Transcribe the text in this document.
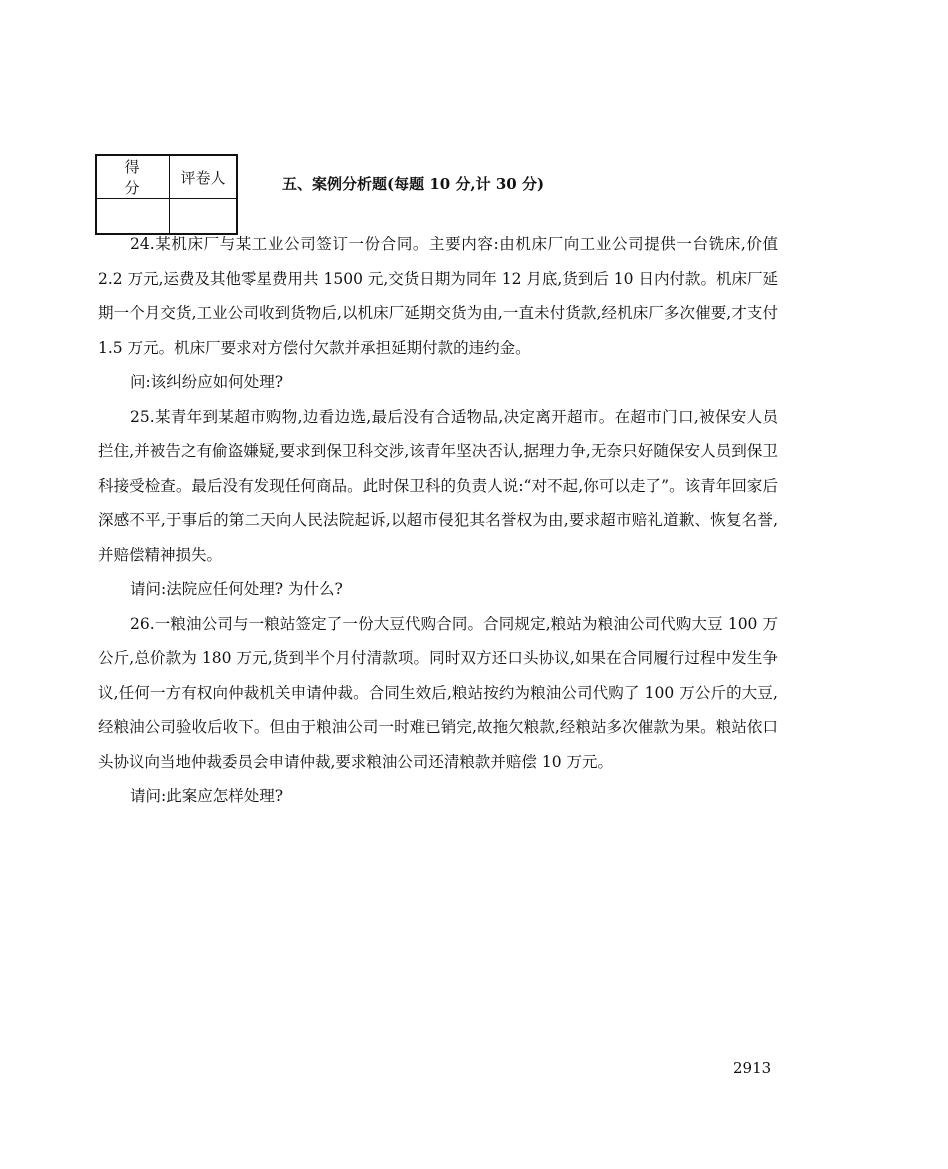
得 分	评卷人
		五、案例分析题(每题 10 分,计 30 分)

24.某机床厂与某工业公司签订一份合同。主要内容:由机床厂向工业公司提供一台铣床,价值 2.2 万元,运费及其他零星费用共 1500 元,交货日期为同年 12 月底,货到后 10 日内付款。机床厂延期一个月交货,工业公司收到货物后,以机床厂延期交货为由,一直未付货款,经机床厂多次催要,才支付 1.5 万元。机床厂要求对方偿付欠款并承担延期付款的违约金。

问:该纠纷应如何处理?

25.某青年到某超市购物,边看边选,最后没有合适物品,决定离开超市。在超市门口,被保安人员拦住,并被告之有偷盗嫌疑,要求到保卫科交涉,该青年坚决否认,据理力争,无奈只好随保安人员到保卫科接受检查。最后没有发现任何商品。此时保卫科的负责人说:“对不起,你可以走了”。该青年回家后深感不平,于事后的第二天向人民法院起诉,以超市侵犯其名誉权为由,要求超市赔礼道歉、恢复名誉,并赔偿精神损失。

请问:法院应任何处理? 为什么?

26.一粮油公司与一粮站签定了一份大豆代购合同。合同规定,粮站为粮油公司代购大豆 100 万公斤,总价款为 180 万元,货到半个月付清款项。同时双方还口头协议,如果在合同履行过程中发生争议,任何一方有权向仲裁机关申请仲裁。合同生效后,粮站按约为粮油公司代购了 100 万公斤的大豆,经粮油公司验收后收下。但由于粮油公司一时难已销完,故拖欠粮款,经粮站多次催款为果。粮站依口头协议向当地仲裁委员会申请仲裁,要求粮油公司还清粮款并赔偿 10 万元。

请问:此案应怎样处理?

2913
